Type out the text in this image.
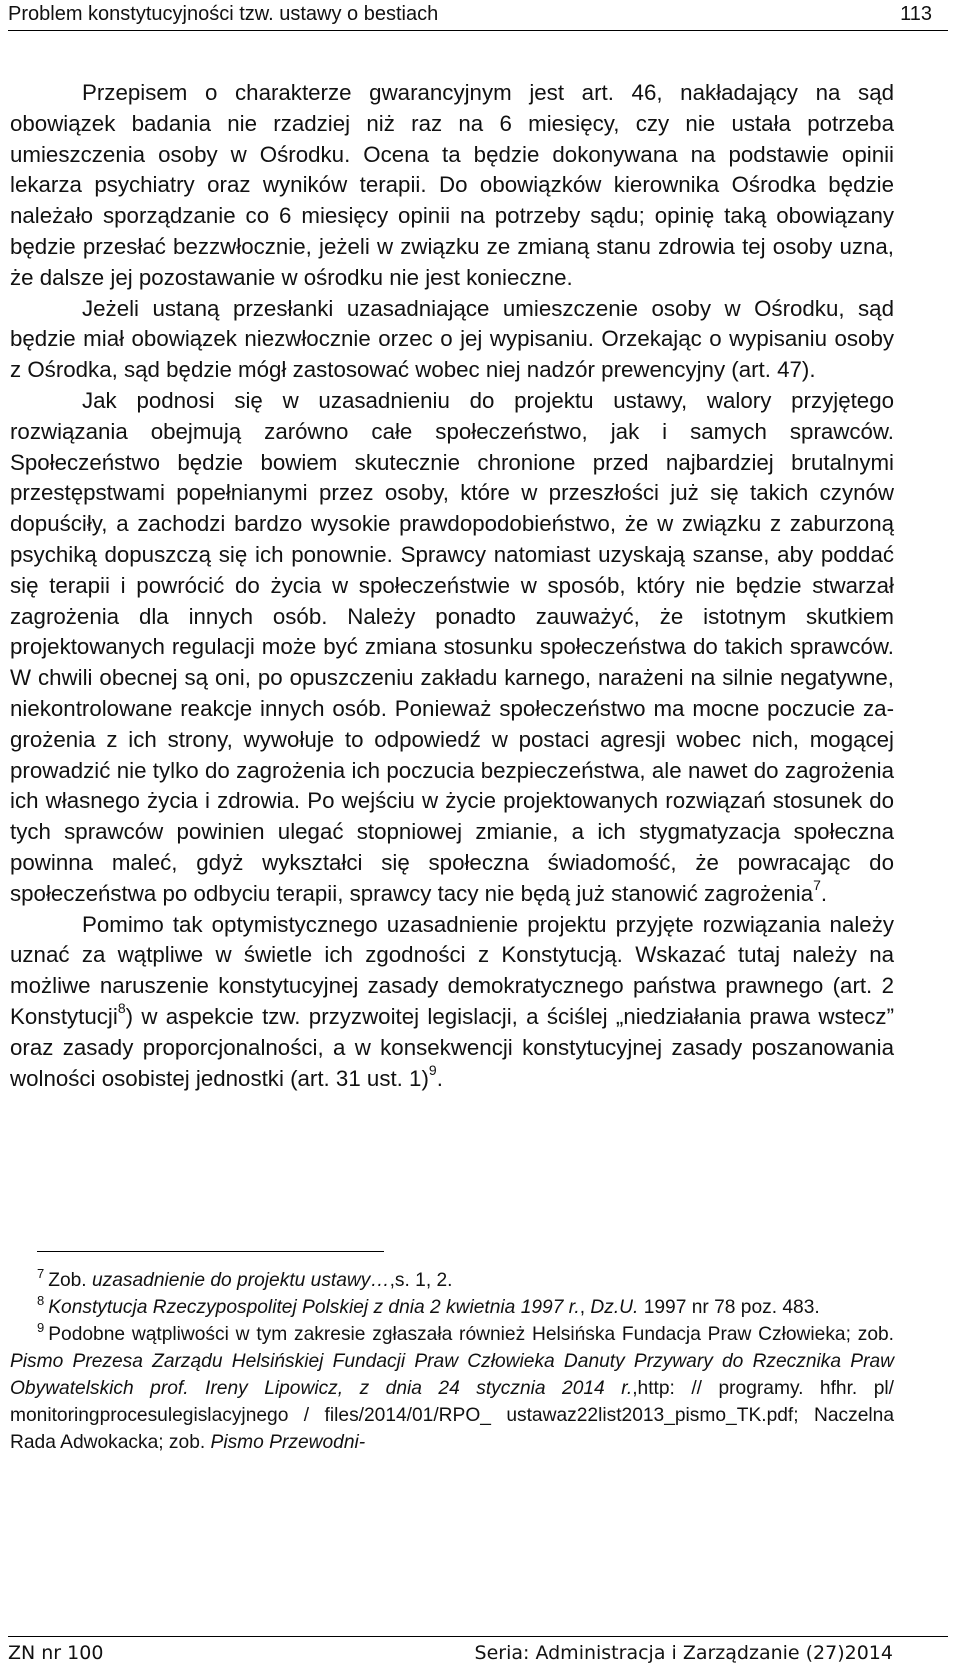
Problem konstytucyjności tzw. ustawy o bestiach	113

Przepisem o charakterze gwarancyjnym jest art. 46, nakładający na sąd obowiązek badania nie rzadziej niż raz na 6 miesięcy, czy nie ustała potrzeba umieszczenia osoby w Ośrodku. Ocena ta będzie dokonywana na podstawie opinii lekarza psychiatry oraz wyników terapii. Do obowiązków kierownika Ośrodka będzie należało sporządzanie co 6 miesięcy opinii na potrzeby sądu; opinię taką obowiązany będzie przesłać bezzwłocznie, jeżeli w związku ze zmianą stanu zdrowia tej osoby uzna, że dalsze jej pozostawanie w ośrodku nie jest konieczne.

Jeżeli ustaną przesłanki uzasadniające umieszczenie osoby w Ośrodku, sąd będzie miał obowiązek niezwłocznie orzec o jej wypisaniu. Orzekając o wypisaniu osoby z Ośrodka, sąd będzie mógł zastosować wobec niej nadzór prewencyjny (art. 47).

Jak podnosi się w uzasadnieniu do projektu ustawy, walory przyjętego rozwiązania obejmują zarówno całe społeczeństwo, jak i samych sprawców. Społeczeństwo będzie bowiem skutecznie chronione przed najbardziej brutalnymi przestępstwami popełnianymi przez osoby, które w przeszłości już się takich czynów dopuściły, a zachodzi bardzo wysokie prawdopodobieństwo, że w związku z zaburzoną psychiką dopuszczą się ich ponownie. Sprawcy natomiast uzyskają szanse, aby poddać się terapii i powrócić do życia w społeczeństwie w sposób, który nie będzie stwarzał zagrożenia dla innych osób. Należy ponadto zauważyć, że istotnym skutkiem projektowanych regulacji może być zmiana stosunku społeczeństwa do takich sprawców. W chwili obecnej są oni, po opuszczeniu zakładu karnego, narażeni na silnie negatywne, niekontrolowane reakcje innych osób. Ponieważ społeczeństwo ma mocne poczucie zagrożenia z ich strony, wywołuje to odpowiedź w postaci agresji wobec nich, mogącej prowadzić nie tylko do zagrożenia ich poczucia bezpieczeństwa, ale nawet do zagrożenia ich własnego życia i zdrowia. Po wejściu w życie projektowanych rozwiązań stosunek do tych sprawców powinien ulegać stopniowej zmianie, a ich stygmatyzacja społeczna powinna maleć, gdyż wykształci się społeczna świadomość, że powracając do społeczeństwa po odbyciu terapii, sprawcy tacy nie będą już stanowić zagrożenia$^7$.

Pomimo tak optymistycznego uzasadnienie projektu przyjęte rozwiązania należy uznać za wątpliwe w świetle ich zgodności z Konstytucją. Wskazać tutaj należy na możliwe naruszenie konstytucyjnej zasady demokratycznego państwa prawnego (art. 2 Konstytucji$^8$) w aspekcie tzw. przyzwoitej legislacji, a ściślej „niedziałania prawa wstecz” oraz zasady proporcjonalności, a w konsekwencji konstytucyjnej zasady poszanowania wolności osobistej jednostki (art. 31 ust. 1)$^9$.

$^7$ Zob. uzasadnienie do projektu ustawy…,s. 1, 2.

$^8$ Konstytucja Rzeczypospolitej Polskiej z dnia 2 kwietnia 1997 r., Dz.U. 1997 nr 78 poz. 483.

$^9$ Podobne wątpliwości w tym zakresie zgłaszała również Helsińska Fundacja Praw Człowieka; zob. Pismo Prezesa Zarządu Helsińskiej Fundacji Praw Człowieka Danuty Przywary do Rzecznika Praw Obywatelskich prof. Ireny Lipowicz, z dnia 24 stycznia 2014 r.,http: // programy. hfhr. pl/ monitoringprocesulegislacyjnego / files/2014/01/RPO_ ustawaz22list2013_pismo_TK.pdf; Naczelna Rada Adwokacka; zob. Pismo Przewodni-

ZN nr 100	Seria: Administracja i Zarządzanie (27)2014
